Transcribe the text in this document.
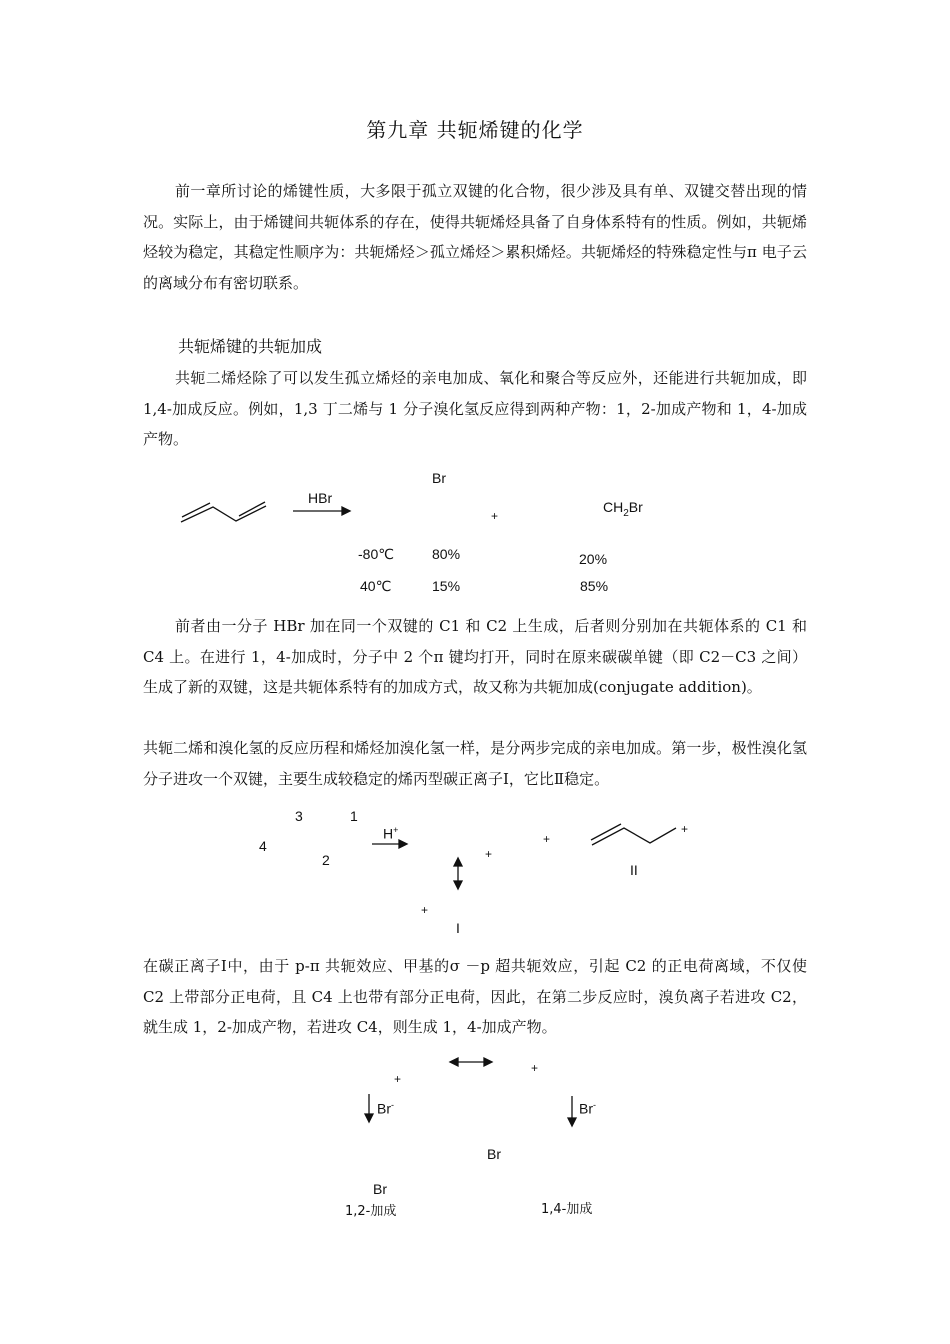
第九章 共轭烯键的化学

前一章所讨论的烯键性质，大多限于孤立双键的化合物，很少涉及具有单、双键交替出现的情况。实际上，由于烯键间共轭体系的存在，使得共轭烯烃具备了自身体系特有的性质。例如，共轭烯烃较为稳定，其稳定性顺序为：共轭烯烃＞孤立烯烃＞累积烯烃。共轭烯烃的特殊稳定性与π 电子云的离域分布有密切联系。

共轭烯键的共轭加成

共轭二烯烃除了可以发生孤立烯烃的亲电加成、氧化和聚合等反应外，还能进行共轭加成，即 1,4-加成反应。例如，1,3 丁二烯与 1 分子溴化氢反应得到两种产物：1，2-加成产物和 1，4-加成产物。

HBr
Br
+
$CH_2Br$
-80℃	80%	20%
40℃	15%	85%

前者由一分子 HBr 加在同一个双键的 C1 和 C2 上生成，后者则分别加在共轭体系的 C1 和 C4 上。在进行 1，4-加成时，分子中 2 个π 键均打开，同时在原来碳碳单键（即 C2－C3 之间）生成了新的双键，这是共轭体系特有的加成方式，故又称为共轭加成(conjugate addition)。

共轭二烯和溴化氢的反应历程和烯烃加溴化氢一样，是分两步完成的亲电加成。第一步，极性溴化氢分子进攻一个双键，主要生成较稳定的烯丙型碳正离子Ⅰ，它比Ⅱ稳定。

3	1
4
2
H+
+
+
+
II
+
I

在碳正离子Ⅰ中，由于 p-π 共轭效应、甲基的σ －p 超共轭效应，引起 C2 的正电荷离域，不仅使 C2 上带部分正电荷，且 C4 上也带有部分正电荷，因此，在第二步反应时，溴负离子若进攻 C2，就生成 1，2-加成产物，若进攻 C4，则生成 1，4-加成产物。

+
+
Br-	Br-
Br
Br
1,2-加成	1,4-加成
